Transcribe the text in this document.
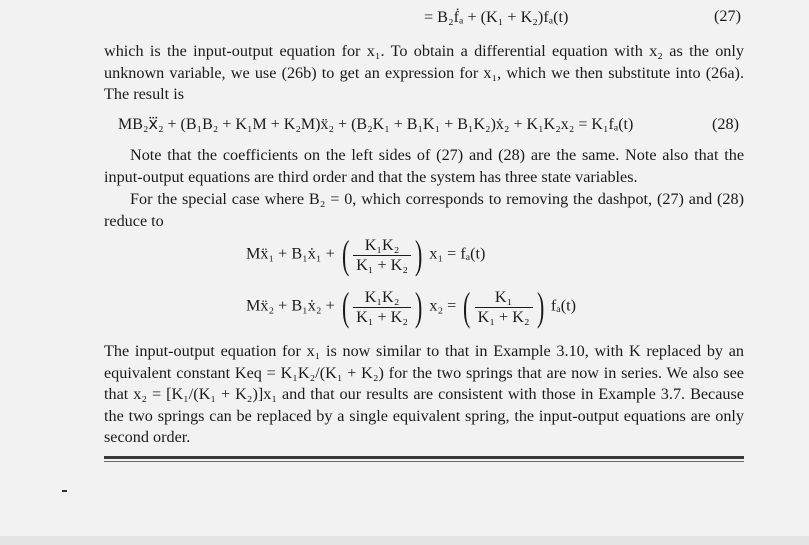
= B₂ḟₐ + (K₁ + K₂)fₐ(t)	(27)
which is the input-output equation for x₁. To obtain a differential equation with x₂ as the only unknown variable, we use (26b) to get an expression for x₁, which we then substitute into (26a). The result is
MB₂x⃛₂ + (B₁B₂ + K₁M + K₂M)ẍ₂ + (B₂K₁ + B₁K₁ + B₁K₂)ẋ₂ + K₁K₂x₂ = K₁fₐ(t)	(28)
Note that the coefficients on the left sides of (27) and (28) are the same. Note also that the input-output equations are third order and that the system has three state variables.
For the special case where B₂ = 0, which corresponds to removing the dashpot, (27) and (28) reduce to
Mẍ₁ + B₁ẋ₁ + ( $\frac{\text{K₁K₂}}{\text{K₁ + K₂}}$ ) x₁ = fₐ(t)
Mẍ₂ + B₁ẋ₂ + ( $\frac{\text{K₁K₂}}{\text{K₁ + K₂}}$ ) x₂ = ( $\frac{\text{K₁}}{\text{K₁ + K₂}}$ ) fₐ(t)
The input-output equation for x₁ is now similar to that in Example 3.10, with K replaced by an equivalent constant Keq = K₁K₂/(K₁ + K₂) for the two springs that are now in series. We also see that x₂ = [K₁/(K₁ + K₂)]x₁ and that our results are consistent with those in Example 3.7. Because the two springs can be replaced by a single equivalent spring, the input-output equations are only second order.
